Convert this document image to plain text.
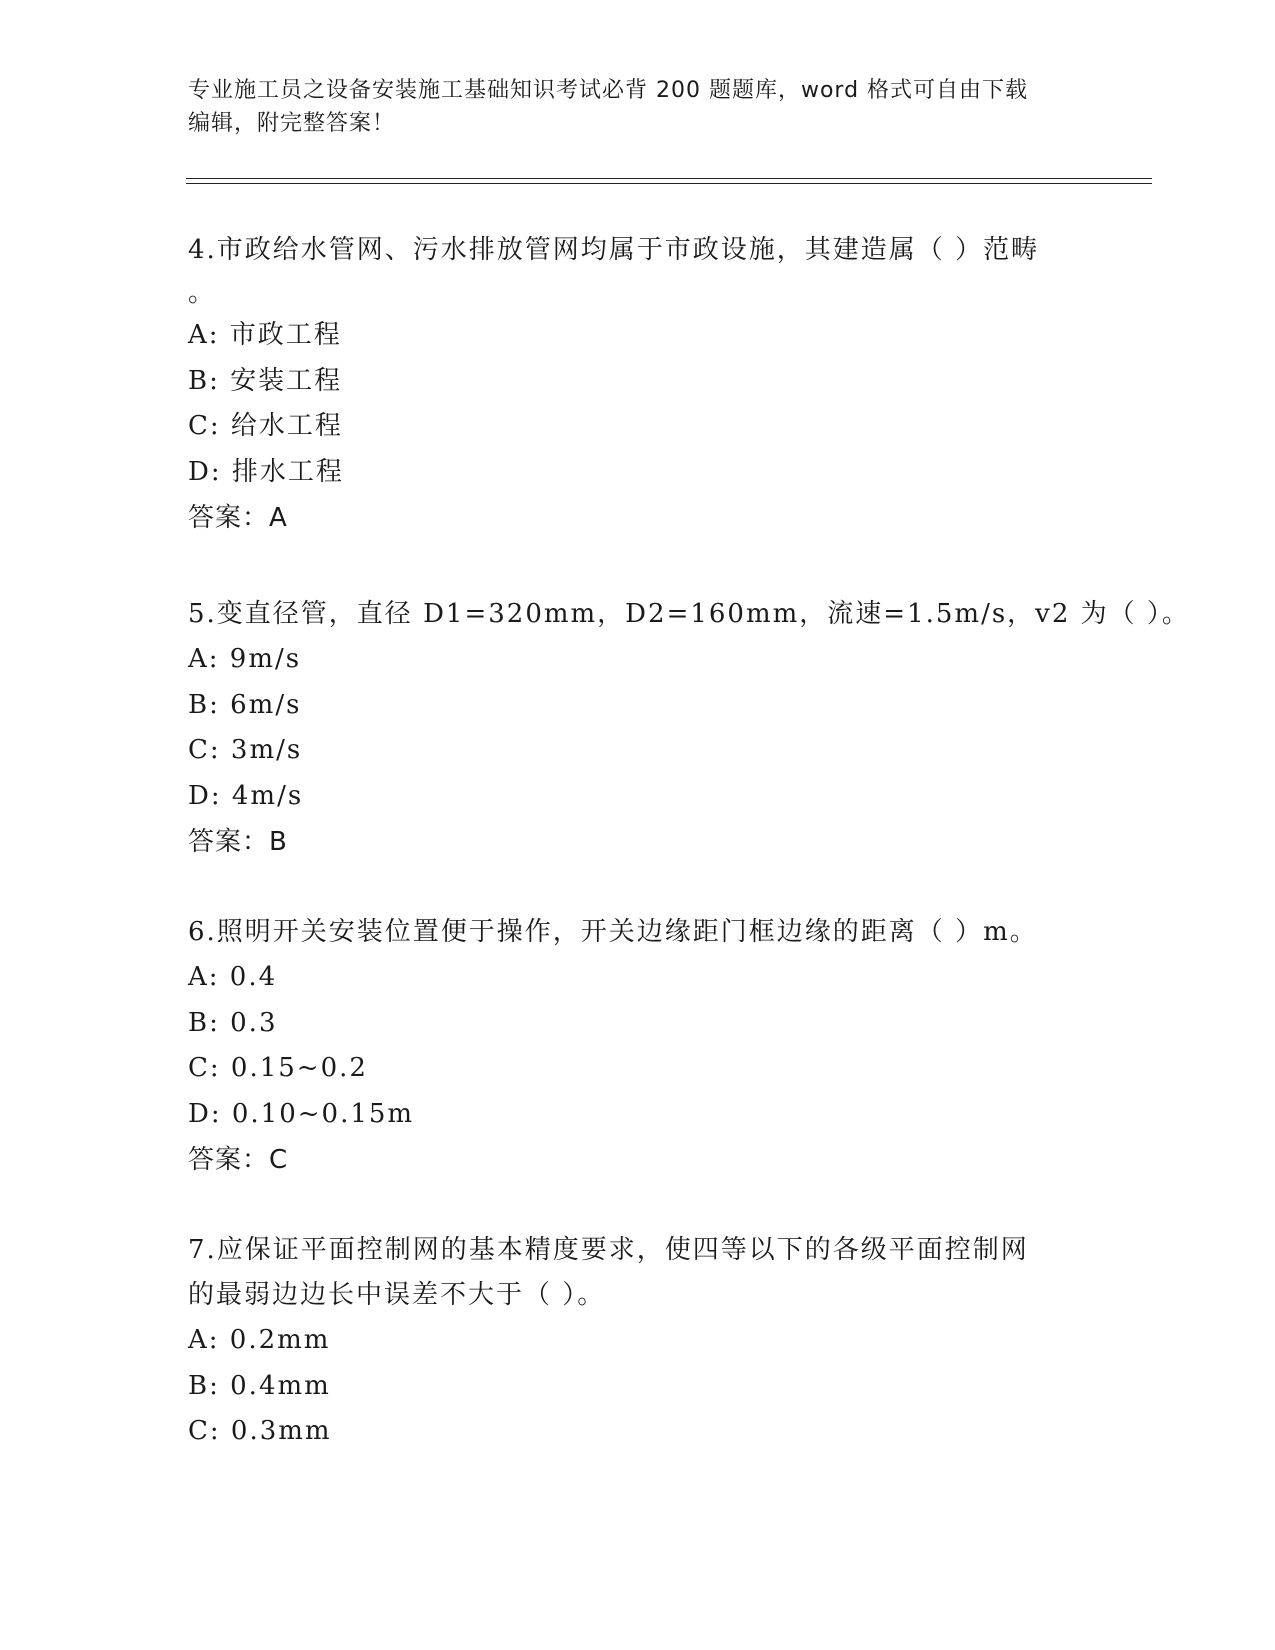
专业施工员之设备安装施工基础知识考试必背 200 题题库，word 格式可自由下载
编辑，附完整答案！
4.市政给水管网、污水排放管网均属于市政设施，其建造属（ ）范畴
。
A: 市政工程
B: 安装工程
C: 给水工程
D: 排水工程
答案：A
5.变直径管，直径 D1=320mm，D2=160mm，流速=1.5m/s，v2 为（ ）。
A: 9m/s
B: 6m/s
C: 3m/s
D: 4m/s
答案：B
6.照明开关安装位置便于操作，开关边缘距门框边缘的距离（ ）m。
A: 0.4
B: 0.3
C: 0.15~0.2
D: 0.10~0.15m
答案：C
7.应保证平面控制网的基本精度要求，使四等以下的各级平面控制网
的最弱边边长中误差不大于（ ）。
A: 0.2mm
B: 0.4mm
C: 0.3mm
